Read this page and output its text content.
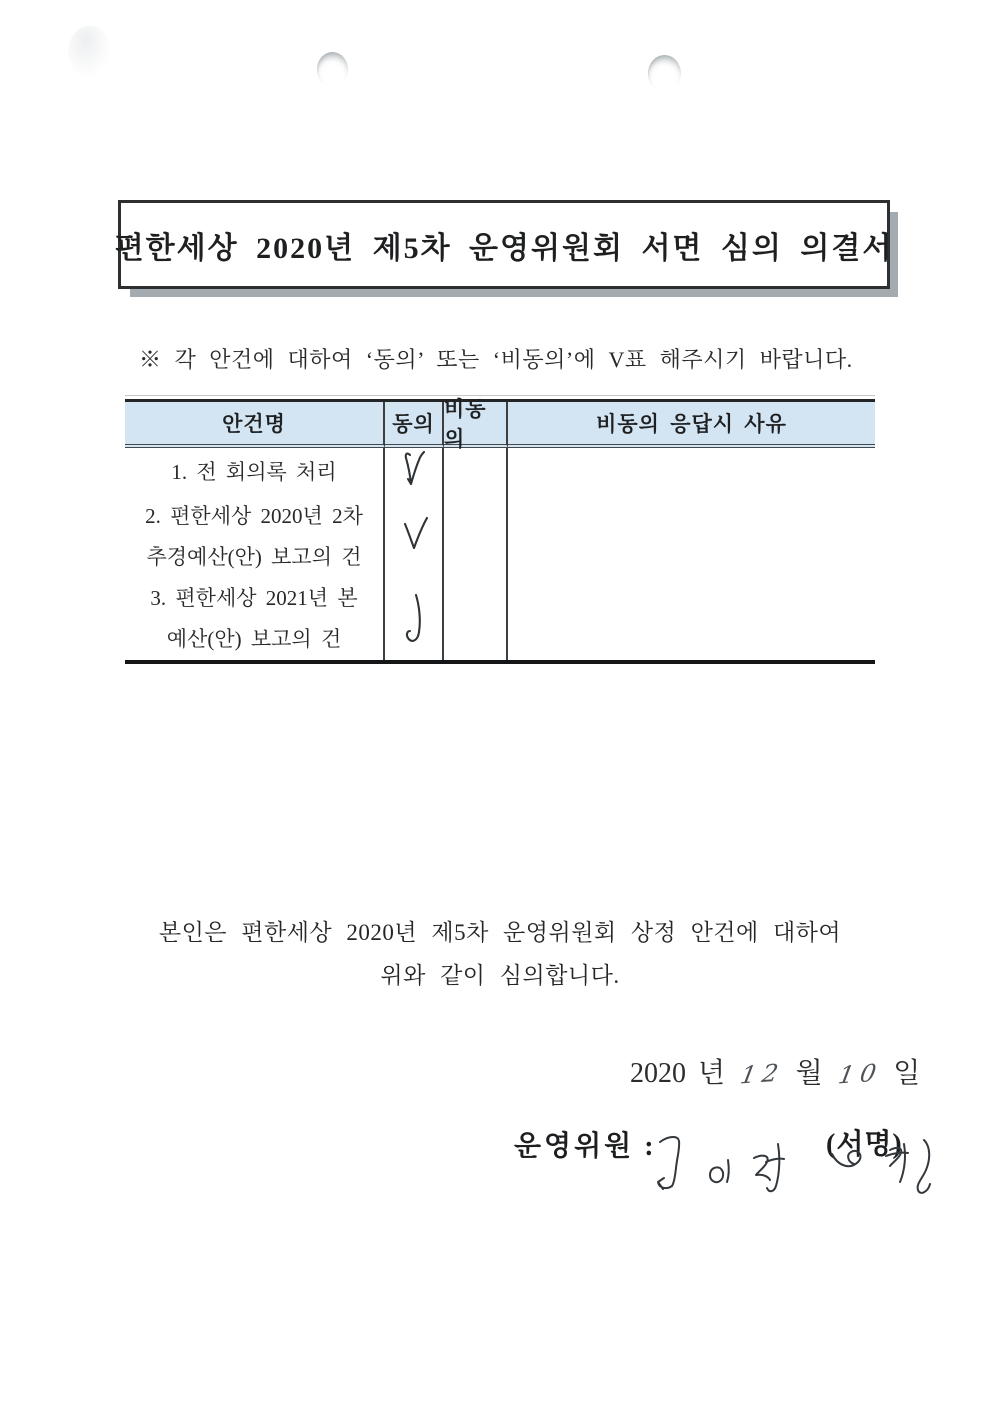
편한세상 2020년 제5차 운영위원회 서면 심의 의결서
※ 각 안건에 대하여 ‘동의’ 또는 ‘비동의’에 V표 해주시기 바랍니다.
안건명	동의
비동의
비동의 응답시 사유
1. 전 회의록 처리
2. 편한세상 2020년 2차
추경예산(안) 보고의 건
3. 편한세상 2021년 본
예산(안) 보고의 건
본인은 편한세상 2020년 제5차 운영위원회 상정 안건에 대하여
위와 같이 심의합니다.
2020 년 12 월 10 일
운영위원 :	(서명)
